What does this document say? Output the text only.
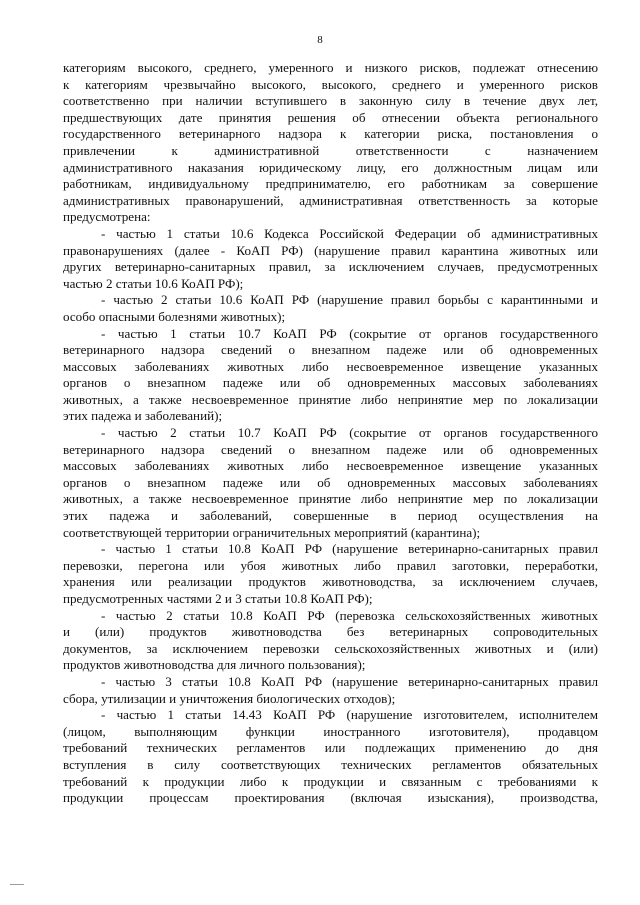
8

категориям высокого, среднего, умеренного и низкого рисков, подлежат отнесению

к категориям чрезвычайно высокого, высокого, среднего и умеренного рисков

соответственно при наличии вступившего в законную силу в течение двух лет,

предшествующих дате принятия решения об отнесении объекта регионального

государственного ветеринарного надзора к категории риска, постановления о

привлечении к административной ответственности с назначением

административного наказания юридическому лицу, его должностным лицам или

работникам, индивидуальному предпринимателю, его работникам за совершение

административных правонарушений, административная ответственность за которые

предусмотрена:

- частью 1 статьи 10.6 Кодекса Российской Федерации об административных

правонарушениях (далее - КоАП РФ) (нарушение правил карантина животных или

других ветеринарно-санитарных правил, за исключением случаев, предусмотренных

частью 2 статьи 10.6 КоАП РФ);

- частью 2 статьи 10.6 КоАП РФ (нарушение правил борьбы с карантинными и

особо опасными болезнями животных);

- частью 1 статьи 10.7 КоАП РФ (сокрытие от органов государственного

ветеринарного надзора сведений о внезапном падеже или об одновременных

массовых заболеваниях животных либо несвоевременное извещение указанных

органов о внезапном падеже или об одновременных массовых заболеваниях

животных, а также несвоевременное принятие либо непринятие мер по локализации

этих падежа и заболеваний);

- частью 2 статьи 10.7 КоАП РФ (сокрытие от органов государственного

ветеринарного надзора сведений о внезапном падеже или об одновременных

массовых заболеваниях животных либо несвоевременное извещение указанных

органов о внезапном падеже или об одновременных массовых заболеваниях

животных, а также несвоевременное принятие либо непринятие мер по локализации

этих падежа и заболеваний, совершенные в период осуществления на

соответствующей территории ограничительных мероприятий (карантина);

- частью 1 статьи 10.8 КоАП РФ (нарушение ветеринарно-санитарных правил

перевозки, перегона или убоя животных либо правил заготовки, переработки,

хранения или реализации продуктов животноводства, за исключением случаев,

предусмотренных частями 2 и 3 статьи 10.8 КоАП РФ);

- частью 2 статьи 10.8 КоАП РФ (перевозка сельскохозяйственных животных

и (или) продуктов животноводства без ветеринарных сопроводительных

документов, за исключением перевозки сельскохозяйственных животных и (или)

продуктов животноводства для личного пользования);

- частью 3 статьи 10.8 КоАП РФ (нарушение ветеринарно-санитарных правил

сбора, утилизации и уничтожения биологических отходов);

- частью 1 статьи 14.43 КоАП РФ (нарушение изготовителем, исполнителем

(лицом, выполняющим функции иностранного изготовителя), продавцом

требований технических регламентов или подлежащих применению до дня

вступления в силу соответствующих технических регламентов обязательных

требований к продукции либо к продукции и связанным с требованиями к

продукции процессам проектирования (включая изыскания), производства,
